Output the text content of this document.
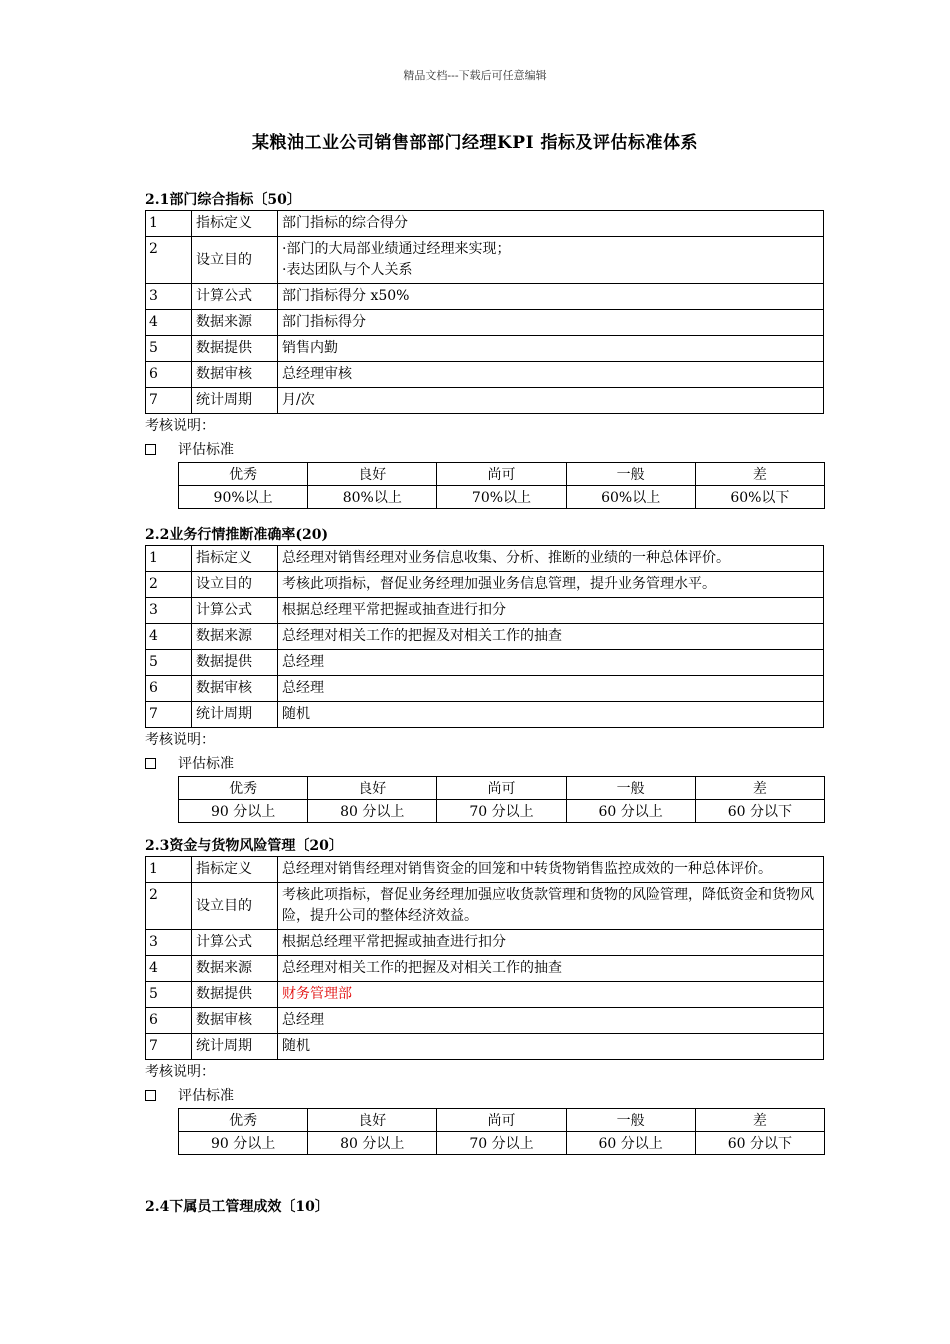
精品文档---下载后可任意编辑
某粮油工业公司销售部部门经理KPI 指标及评估标准体系
2.1部门综合指标〔50〕
1	指标定义	部门指标的综合得分
2	设立目的	·部门的大局部业绩通过经理来实现；
·表达团队与个人关系

3	计算公式	部门指标得分 x50%
4	数据来源	部门指标得分
5	数据提供	销售内勤
6	数据审核	总经理审核
7	统计周期	月/次
考核说明：
评估标准
优秀	良好	尚可	一般	差
90%以上	80%以上	70%以上	60%以上	60%以下
2.2业务行情推断准确率(20)
1	指标定义	总经理对销售经理对业务信息收集、分析、推断的业绩的一种总体评价。
2	设立目的	考核此项指标，督促业务经理加强业务信息管理，提升业务管理水平。
3	计算公式	根据总经理平常把握或抽查进行扣分
4	数据来源	总经理对相关工作的把握及对相关工作的抽查
5	数据提供	总经理
6	数据审核	总经理
7	统计周期	随机
考核说明：
评估标准
优秀	良好	尚可	一般	差
90 分以上	80 分以上	70 分以上	60 分以上	60 分以下
2.3资金与货物风险管理〔20〕
1	指标定义	总经理对销售经理对销售资金的回笼和中转货物销售监控成效的一种总体评价。
2	设立目的	考核此项指标，督促业务经理加强应收货款管理和货物的风险管理，降低资金和货物风险，提升公司的整体经济效益。
3	计算公式	根据总经理平常把握或抽查进行扣分
4	数据来源	总经理对相关工作的把握及对相关工作的抽查
5	数据提供	财务管理部
6	数据审核	总经理
7	统计周期	随机
考核说明：
评估标准
优秀	良好	尚可	一般	差
90 分以上	80 分以上	70 分以上	60 分以上	60 分以下
2.4下属员工管理成效〔10〕
